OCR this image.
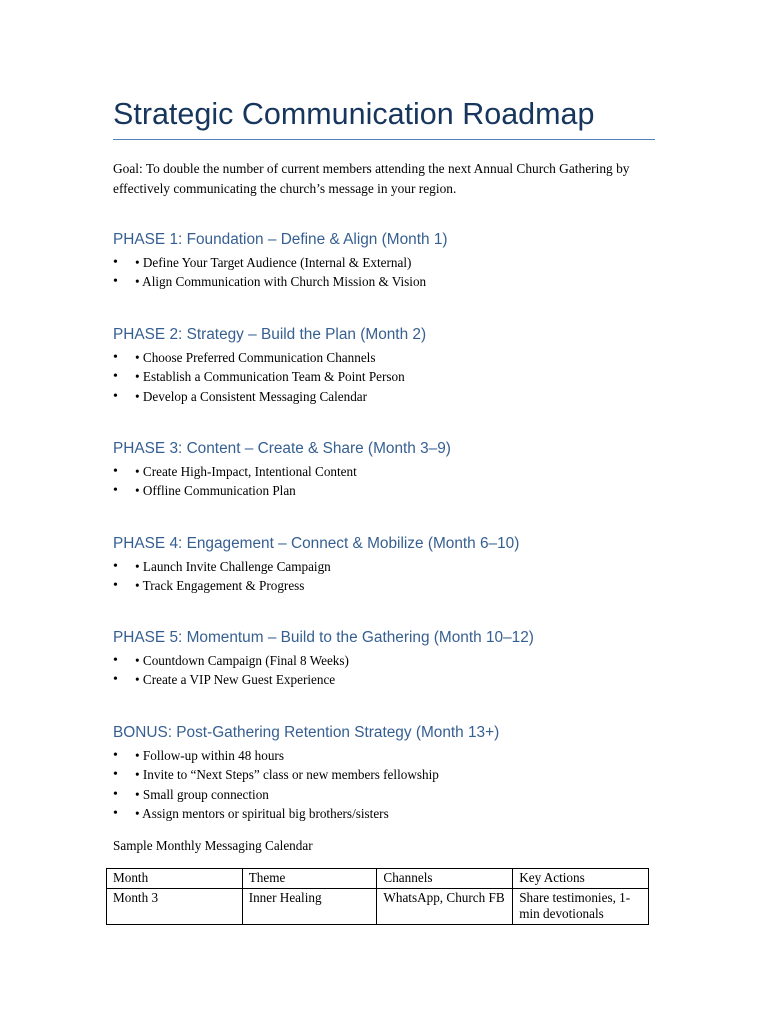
Strategic Communication Roadmap
Goal: To double the number of current members attending the next Annual Church Gathering by effectively communicating the church’s message in your region.
PHASE 1: Foundation – Define & Align (Month 1)
• • Define Your Target Audience (Internal & External)
• • Align Communication with Church Mission & Vision
PHASE 2: Strategy – Build the Plan (Month 2)
• • Choose Preferred Communication Channels
• • Establish a Communication Team & Point Person
• • Develop a Consistent Messaging Calendar
PHASE 3: Content – Create & Share (Month 3–9)
• • Create High-Impact, Intentional Content
• • Offline Communication Plan
PHASE 4: Engagement – Connect & Mobilize (Month 6–10)
• • Launch Invite Challenge Campaign
• • Track Engagement & Progress
PHASE 5: Momentum – Build to the Gathering (Month 10–12)
• • Countdown Campaign (Final 8 Weeks)
• • Create a VIP New Guest Experience
BONUS: Post-Gathering Retention Strategy (Month 13+)
• • Follow-up within 48 hours
• • Invite to “Next Steps” class or new members fellowship
• • Small group connection
• • Assign mentors or spiritual big brothers/sisters
Sample Monthly Messaging Calendar
Month	Theme	Channels	Key Actions
Month 3	Inner Healing	WhatsApp, Church FB	Share testimonies, 1-min devotionals
